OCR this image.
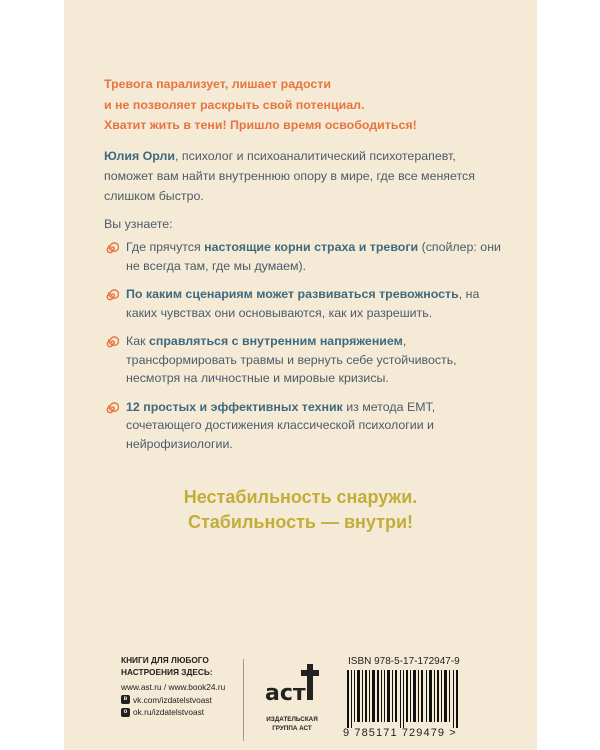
Тревога парализует, лишает радости
и не позволяет раскрыть свой потенциал.
Хватит жить в тени! Пришло время освободиться!
Юлия Орли, психолог и психоаналитический психотерапевт, поможет вам найти внутреннюю опору в мире, где все меняется слишком быстро.
Вы узнаете:
Где прячутся настоящие корни страха и тревоги (спойлер: они не всегда там, где мы думаем).
По каким сценариям может развиваться тревожность, на каких чувствах они основываются, как их разрешить.
Как справляться с внутренним напряжением, трансформировать травмы и вернуть себе устойчивость, несмотря на личностные и мировые кризисы.
12 простых и эффективных техник из метода ЕМТ, сочетающего достижения классической психологии и нейрофизиологии.
Нестабильность снаружи.
Стабильность — внутри!
КНИГИ ДЛЯ ЛЮБОГО
НАСТРОЕНИЯ ЗДЕСЬ:
www.ast.ru / www.book24.ru
в vk.com/izdatelstvoast
о ok.ru/izdatelstvoast
аст
ИЗДАТЕЛЬСКАЯ
ГРУППА АСТ
ISBN 978-5-17-172947-9
9 785171 729479 >
